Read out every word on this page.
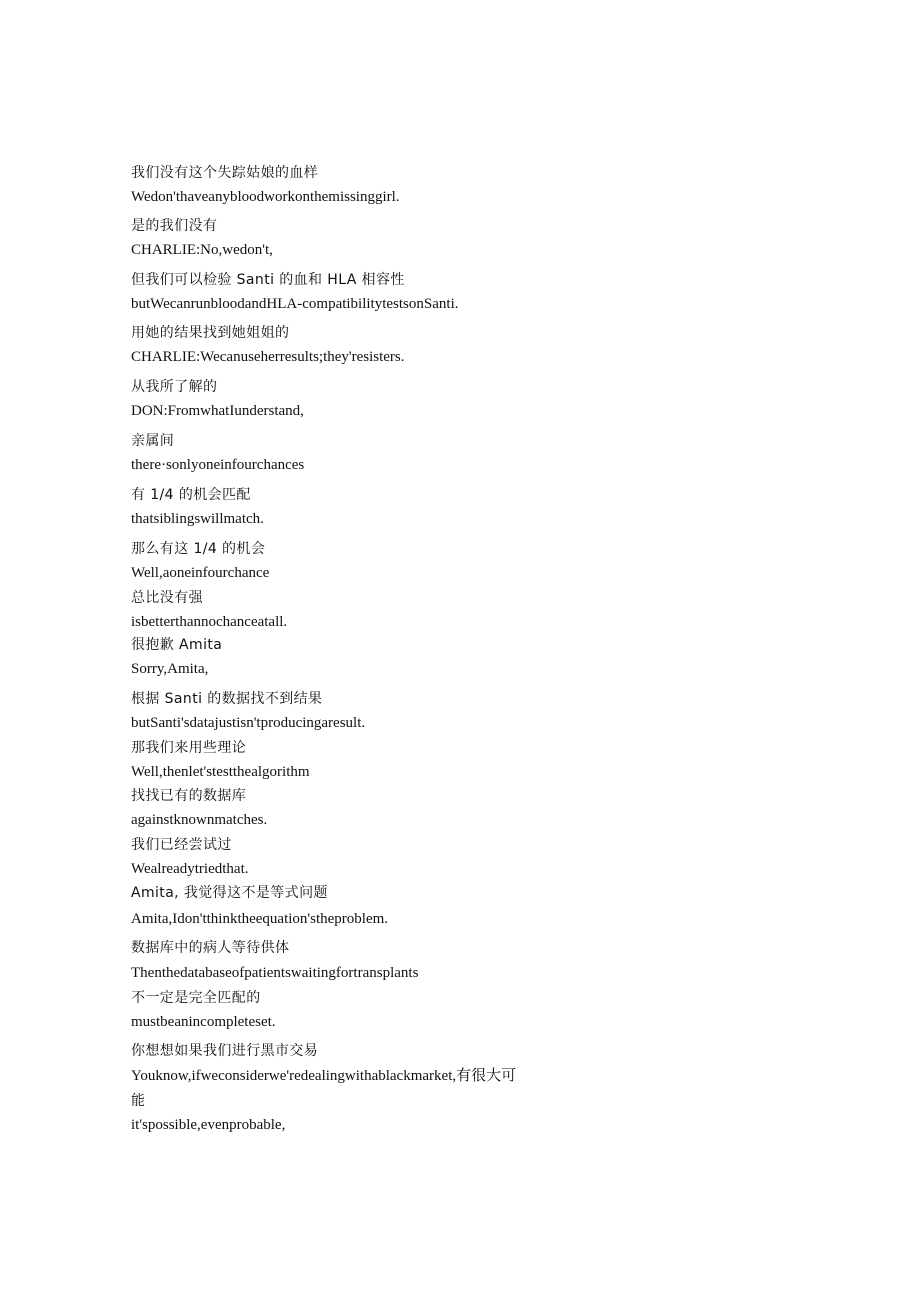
我们没有这个失踪姑娘的血样

Wedon'thaveanybloodworkonthemissinggirl.

是的我们没有

CHARLIE:No,wedon't,

但我们可以检验 Santi 的血和 HLA 相容性

butWecanrunbloodandHLA-compatibilitytestsonSanti.

用她的结果找到她姐姐的

CHARLIE:Wecanuseherresults;they'resisters.

从我所了解的

DON:FromwhatIunderstand,

亲属间

there·sonlyoneinfourchances

有 1/4 的机会匹配

thatsiblingswillmatch.

那么有这 1/4 的机会

Well,aoneinfourchance

总比没有强

isbetterthannochanceatall.

很抱歉 Amita

Sorry,Amita,

根据 Santi 的数据找不到结果

butSanti'sdatajustisn'tproducingaresult.

那我们来用些理论

Well,thenlet'stestthealgorithm

找找已有的数据库

againstknownmatches.

我们已经尝试过

Wealreadytriedthat.

Amita, 我觉得这不是等式问题

Amita,Idon'tthinktheequation'stheproblem.

数据库中的病人等待供体

Thenthedatabaseofpatientswaitingfortransplants

不一定是完全匹配的

mustbeanincompleteset.

你想想如果我们进行黑市交易

Youknow,ifweconsiderwe'redealingwithablackmarket,有很大可

能

it'spossible,evenprobable,
